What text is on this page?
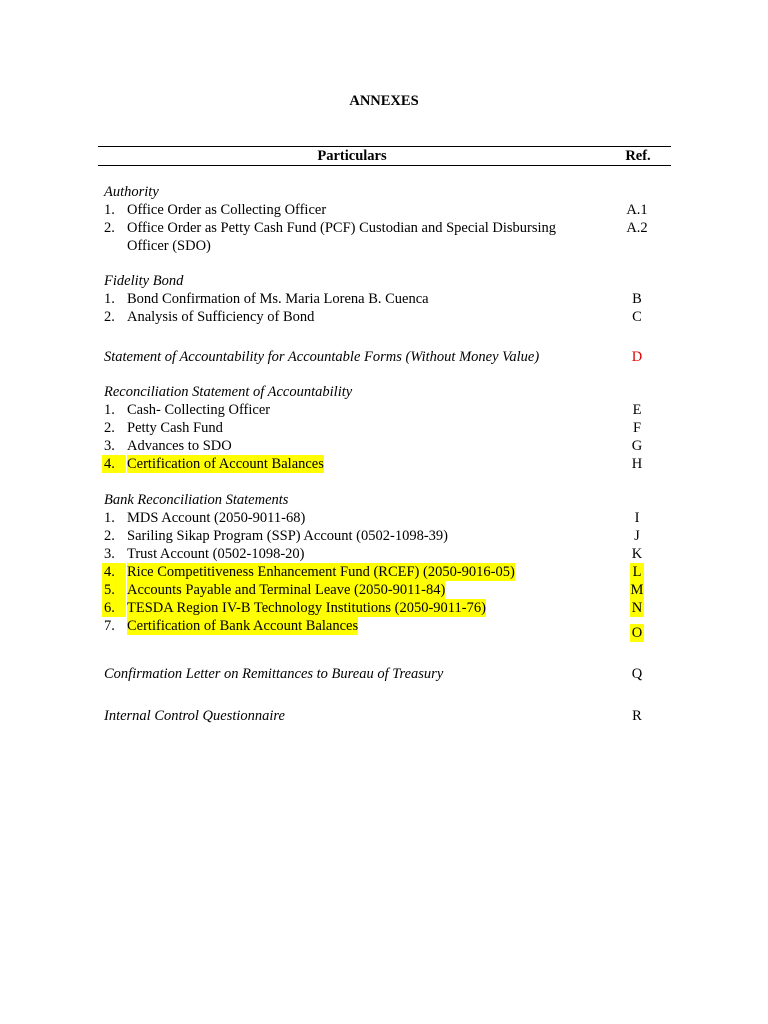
ANNEXES
Particulars	Ref.
Authority
1. Office Order as Collecting Officer	A.1
2. Office Order as Petty Cash Fund (PCF) Custodian and Special Disbursing	A.2
Officer (SDO)
Fidelity Bond
1. Bond Confirmation of Ms. Maria Lorena B. Cuenca	B
2. Analysis of Sufficiency of Bond	C
Statement of Accountability for Accountable Forms (Without Money Value)	D
Reconciliation Statement of Accountability
1. Cash- Collecting Officer	E
2. Petty Cash Fund	F
3. Advances to SDO	G
4. Certification of Account Balances	H
Bank Reconciliation Statements
1. MDS Account (2050-9011-68)	I
2. Sariling Sikap Program (SSP) Account (0502-1098-39)	J
3. Trust Account (0502-1098-20)	K
4. Rice Competitiveness Enhancement Fund (RCEF) (2050-9016-05)	L
5. Accounts Payable and Terminal Leave (2050-9011-84)	M
6. TESDA Region IV-B Technology Institutions (2050-9011-76)	N
7. Certification of Bank Account Balances	O
Confirmation Letter on Remittances to Bureau of Treasury	Q
Internal Control Questionnaire	R
